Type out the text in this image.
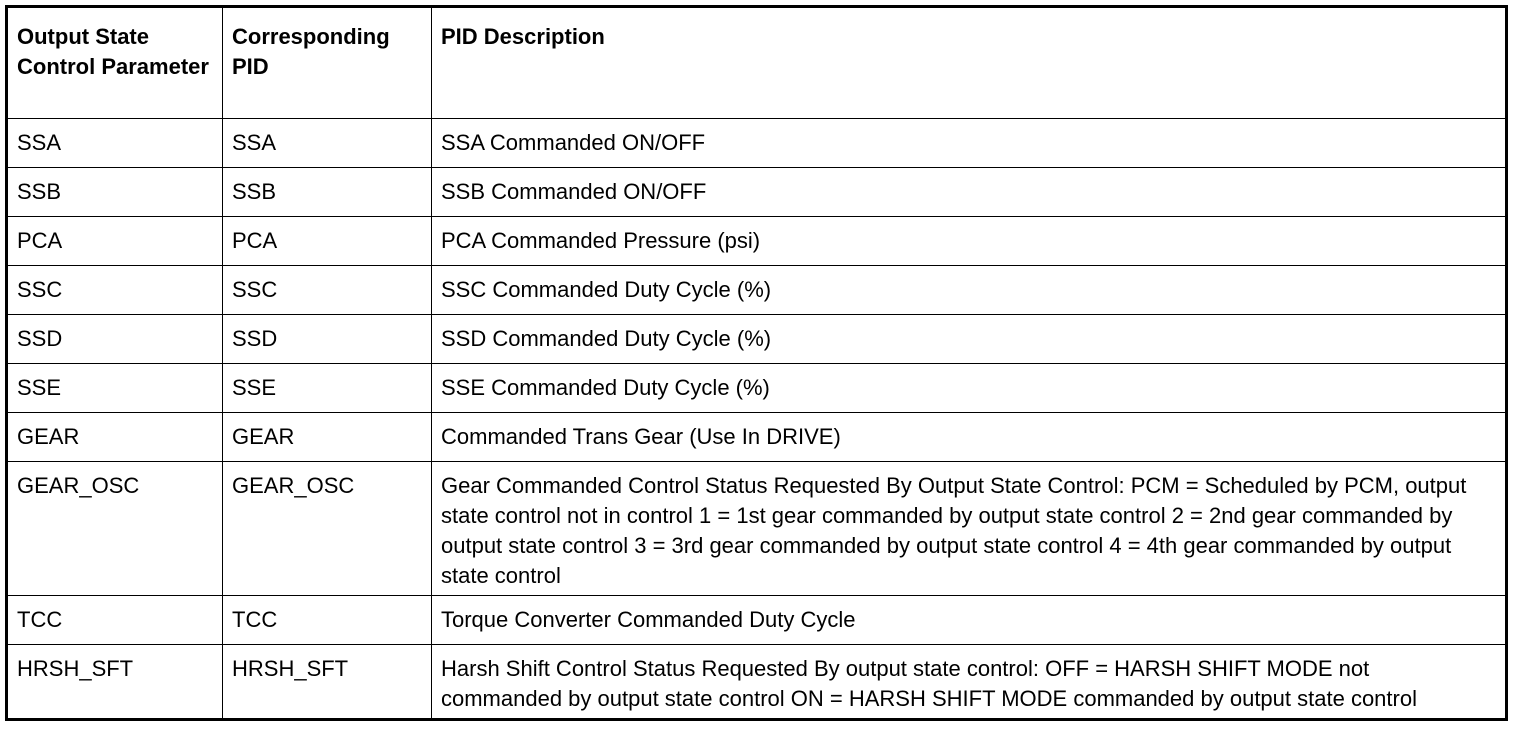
Output State Control Parameter	Corresponding PID	PID Description
SSA	SSA	SSA Commanded ON/OFF
SSB	SSB	SSB Commanded ON/OFF
PCA	PCA	PCA Commanded Pressure (psi)
SSC	SSC	SSC Commanded Duty Cycle (%)
SSD	SSD	SSD Commanded Duty Cycle (%)
SSE	SSE	SSE Commanded Duty Cycle (%)
GEAR	GEAR	Commanded Trans Gear (Use In DRIVE)
GEAR_OSC	GEAR_OSC	Gear Commanded Control Status Requested By Output State Control: PCM = Scheduled by PCM, output state control not in control 1 = 1st gear commanded by output state control 2 = 2nd gear commanded by output state control 3 = 3rd gear commanded by output state control 4 = 4th gear commanded by output state control
TCC	TCC	Torque Converter Commanded Duty Cycle
HRSH_SFT	HRSH_SFT	Harsh Shift Control Status Requested By output state control: OFF = HARSH SHIFT MODE not commanded by output state control ON = HARSH SHIFT MODE commanded by output state control
